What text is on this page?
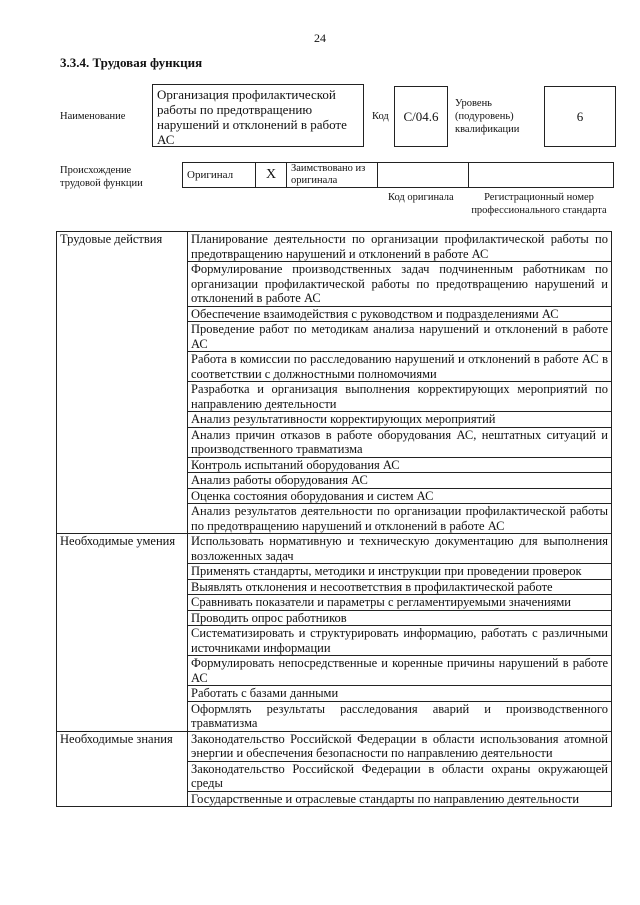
24
3.3.4. Трудовая функция
Наименование
Организация профилактической работы по предотвращению нарушений и отклонений в работе АС
Код	С/04.6
Уровень (подуровень) квалификации
6
Происхождение трудовой функции
Оригинал	X	Заимствовано из оригинала		
Код оригинала	Регистрационный номер профессионального стандарта
Трудовые действия	Планирование деятельности по организации профилактической работы по предотвращению нарушений и отклонений в работе АС
	Формулирование производственных задач подчиненным работникам по организации профилактической работы по предотвращению нарушений и отклонений в работе АС
	Обеспечение взаимодействия с руководством и подразделениями АС
	Проведение работ по методикам анализа нарушений и отклонений в работе АС
	Работа в комиссии по расследованию нарушений и отклонений в работе АС в соответствии с должностными полномочиями
	Разработка и организация выполнения корректирующих мероприятий по направлению деятельности
	Анализ результативности корректирующих мероприятий
	Анализ причин отказов в работе оборудования АС, нештатных ситуаций и производственного травматизма
	Контроль испытаний оборудования АС
	Анализ работы оборудования АС
	Оценка состояния оборудования и систем АС
	Анализ результатов деятельности по организации профилактической работы по предотвращению нарушений и отклонений в работе АС
Необходимые умения	Использовать нормативную и техническую документацию для выполнения возложенных задач
	Применять стандарты, методики и инструкции при проведении проверок
	Выявлять отклонения и несоответствия в профилактической работе
	Сравнивать показатели и параметры с регламентируемыми значениями
	Проводить опрос работников
	Систематизировать и структурировать информацию, работать с различными источниками информации
	Формулировать непосредственные и коренные причины нарушений в работе АС
	Работать с базами данными
	Оформлять результаты расследования аварий и производственного травматизма
Необходимые знания	Законодательство Российской Федерации в области использования атомной энергии и обеспечения безопасности по направлению деятельности
	Законодательство Российской Федерации в области охраны окружающей среды
	Государственные и отраслевые стандарты по направлению деятельности
